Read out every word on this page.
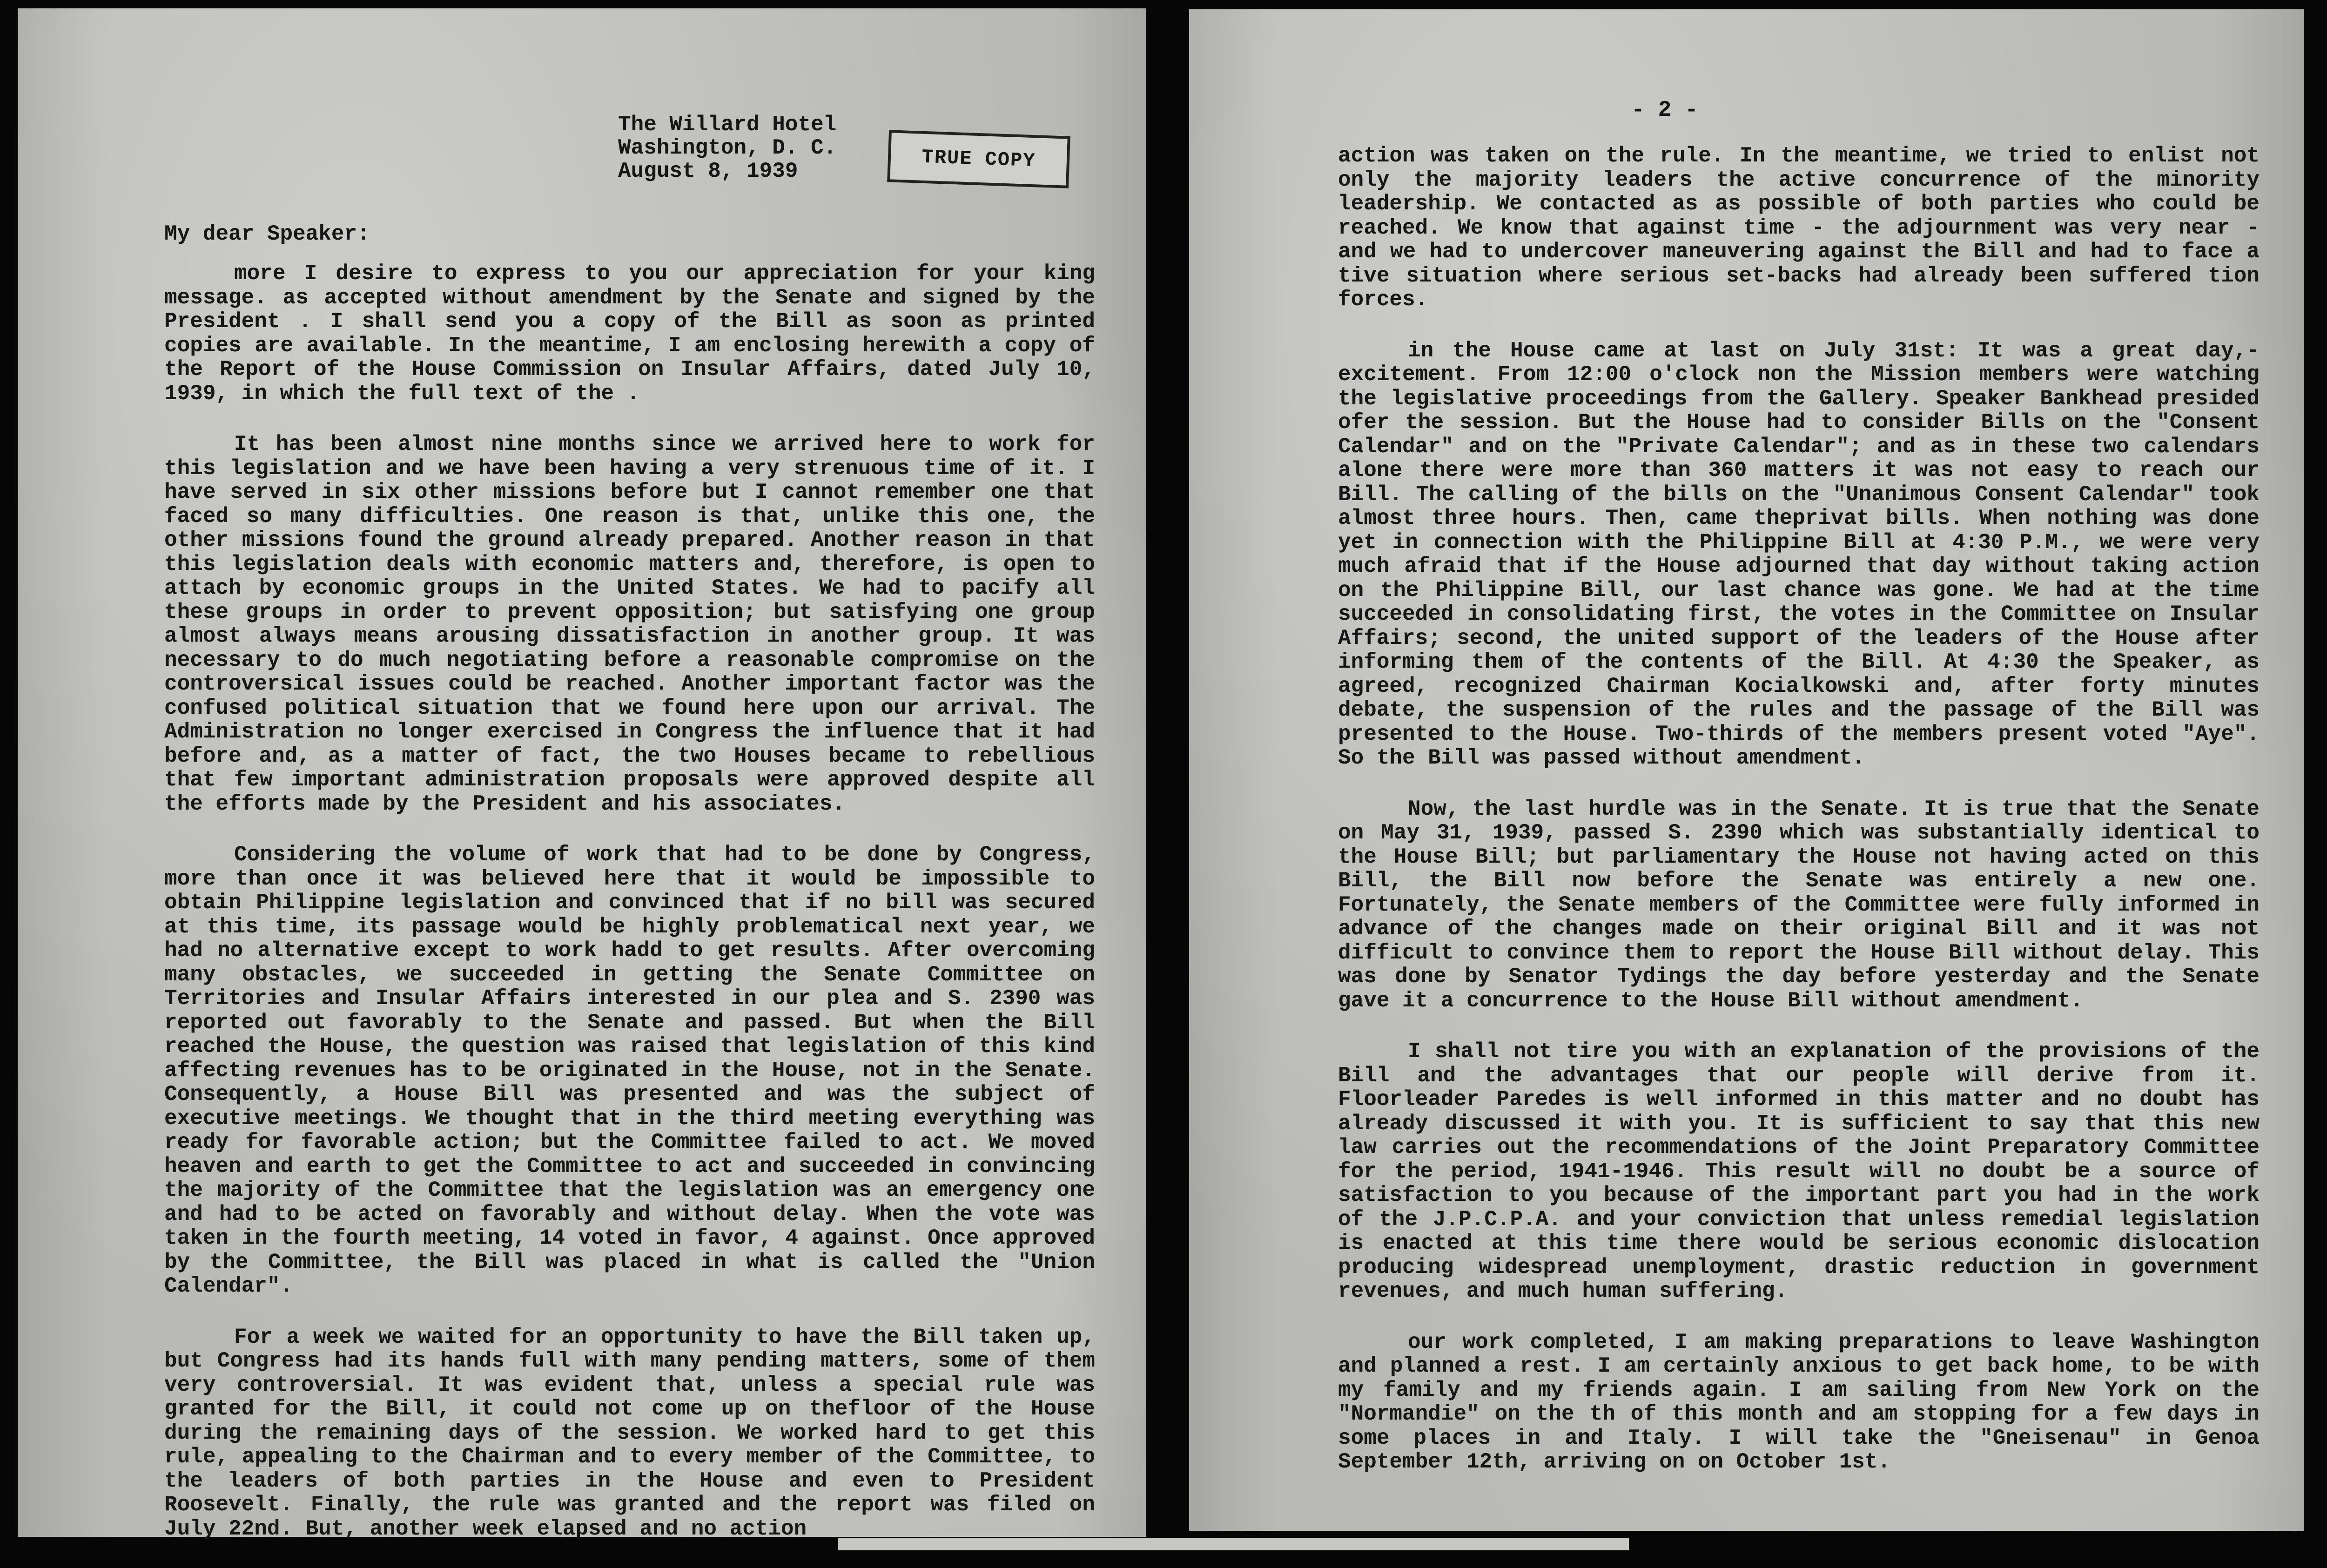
The Willard Hotel

Washington, D. C.

August 8, 1939	TRUE COPY

My dear Speaker:

more I desire to express to you our appreciation for your king message. as accepted without amendment by the Senate and signed by the President . I shall send you a copy of the Bill as soon as printed copies are available. In the meantime, I am enclosing herewith a copy of the Report of the House Commission on Insular Affairs, dated July 10, 1939, in which the full text of the .

It has been almost nine months since we arrived here to work for this legislation and we have been having a very strenuous time of it. I have served in six other missions before but I cannot remember one that faced so many difficulties. One reason is that, unlike this one, the other missions found the ground already prepared. Another reason in that this legislation deals with economic matters and, therefore, is open to attach by economic groups in the United States. We had to pacify all these groups in order to prevent opposition; but satisfying one group almost always means arousing dissatisfaction in another group. It was necessary to do much negotiating before a reasonable compromise on the controversical issues could be reached. Another important factor was the confused political situation that we found here upon our arrival. The Administration no longer exercised in Congress the influence that it had before and, as a matter of fact, the two Houses became to rebellious that few important administration proposals were approved despite all the efforts made by the President and his associates.

Considering the volume of work that had to be done by Congress, more than once it was believed here that it would be impossible to obtain Philippine legislation and convinced that if no bill was secured at this time, its passage would be highly problematical next year, we had no alternative except to work hadd to get results. After overcoming many obstacles, we succeeded in getting the Senate Committee on Territories and Insular Affairs interested in our plea and S. 2390 was reported out favorably to the Senate and passed. But when the Bill reached the House, the question was raised that legislation of this kind affecting revenues has to be originated in the House, not in the Senate. Consequently, a House Bill was presented and was the subject of executive meetings. We thought that in the third meeting everything was ready for favorable action; but the Committee failed to act. We moved heaven and earth to get the Committee to act and succeeded in convincing the majority of the Committee that the legislation was an emergency one and had to be acted on favorably and without delay. When the vote was taken in the fourth meeting, 14 voted in favor, 4 against. Once approved by the Committee, the Bill was placed in what is called the "Union Calendar".

For a week we waited for an opportunity to have the Bill taken up, but Congress had its hands full with many pending matters, some of them very controversial. It was evident that, unless a special rule was granted for the Bill, it could not come up on thefloor of the House during the remaining days of the session. We worked hard to get this rule, appealing to the Chairman and to every member of the Committee, to the leaders of both parties in the House and even to President Roosevelt. Finally, the rule was granted and the report was filed on July 22nd. But, another week elapsed and no action

- 2 -

action was taken on the rule. In the meantime, we tried to enlist not only the majority leaders the active concurrence of the minority leadership. We contacted as as possible of both parties who could be reached. We know that against time - the adjournment was very near - and we had to undercover maneuvering against the Bill and had to face a tive situation where serious set-backs had already been suffered tion forces.

in the House came at last on July 31st: It was a great day,- excitement. From 12:00 o'clock non the Mission members were watching the legislative proceedings from the Gallery. Speaker Bankhead presided ofer the session. But the House had to consider Bills on the "Consent Calendar" and on the "Private Calendar"; and as in these two calendars alone there were more than 360 matters it was not easy to reach our Bill. The calling of the bills on the "Unanimous Consent Calendar" took almost three hours. Then, came theprivat bills. When nothing was done yet in connection with the Philippine Bill at 4:30 P.M., we were very much afraid that if the House adjourned that day without taking action on the Philippine Bill, our last chance was gone. We had at the time succeeded in consolidating first, the votes in the Committee on Insular Affairs; second, the united support of the leaders of the House after informing them of the contents of the Bill. At 4:30 the Speaker, as agreed, recognized Chairman Kocialkowski and, after forty minutes debate, the suspension of the rules and the passage of the Bill was presented to the House. Two-thirds of the members present voted "Aye". So the Bill was passed without amendment.

Now, the last hurdle was in the Senate. It is true that the Senate on May 31, 1939, passed S. 2390 which was substantially identical to the House Bill; but parliamentary the House not having acted on this Bill, the Bill now before the Senate was entirely a new one. Fortunately, the Senate members of the Committee were fully informed in advance of the changes made on their original Bill and it was not difficult to convince them to report the House Bill without delay. This was done by Senator Tydings the day before yesterday and the Senate gave it a concurrence to the House Bill without amendment.

I shall not tire you with an explanation of the provisions of the Bill and the advantages that our people will derive from it. Floorleader Paredes is well informed in this matter and no doubt has already discussed it with you. It is sufficient to say that this new law carries out the recommendations of the Joint Preparatory Committee for the period, 1941-1946. This result will no doubt be a source of satisfaction to you because of the important part you had in the work of the J.P.C.P.A. and your conviction that unless remedial legislation is enacted at this time there would be serious economic dislocation producing widespread unemployment, drastic reduction in government revenues, and much human suffering.

our work completed, I am making preparations to leave Washington and planned a rest. I am certainly anxious to get back home, to be with my family and my friends again. I am sailing from New York on the "Normandie" on the th of this month and am stopping for a few days in some places in and Italy. I will take the "Gneisenau" in Genoa September 12th, arriving on on October 1st.
